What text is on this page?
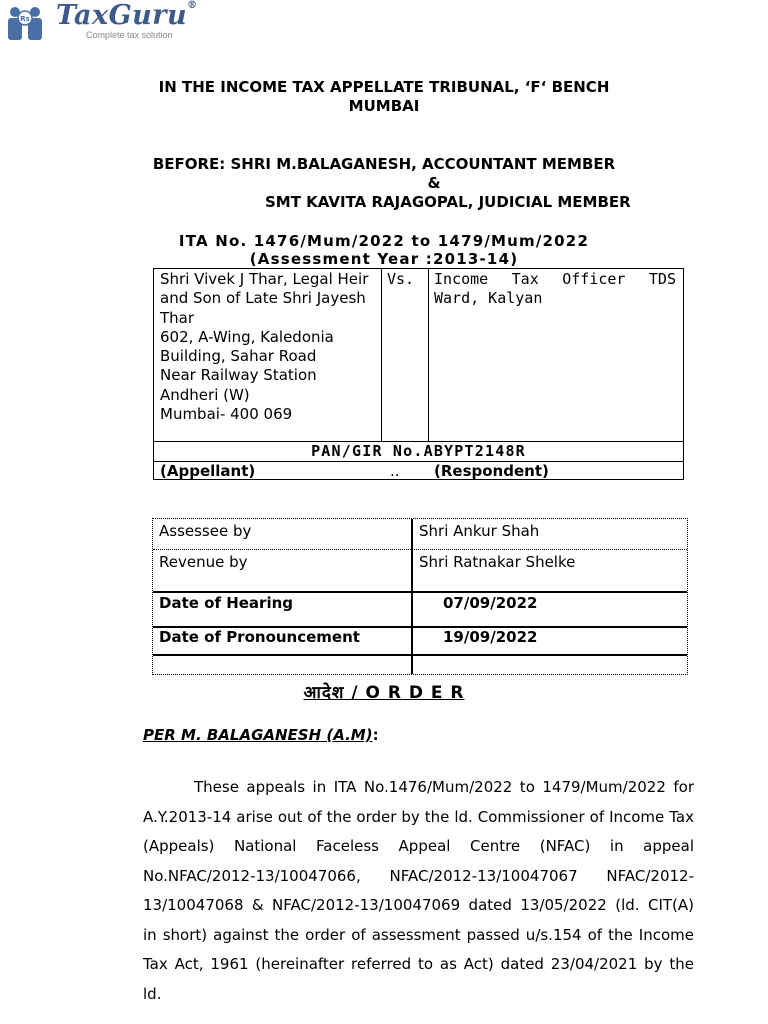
Rs TaxGuru®
Complete tax solution
IN THE INCOME TAX APPELLATE TRIBUNAL, ‘F‘ BENCH
MUMBAI
BEFORE: SHRI M.BALAGANESH, ACCOUNTANT MEMBER
&
SMT KAVITA RAJAGOPAL, JUDICIAL MEMBER
ITA No. 1476/Mum/2022 to 1479/Mum/2022
(Assessment Year :2013-14)
Shri Vivek J Thar, Legal Heir
and Son of Late Shri Jayesh
Thar
602, A-Wing, Kaledonia
Building, Sahar Road
Near Railway Station
Andheri (W)
Mumbai- 400 069
Vs. Income Tax Officer TDS
Ward, Kalyan
PAN/GIR No.ABYPT2148R
(Appellant)	.. (Respondent)
Assessee by	Shri Ankur Shah
Revenue by	Shri Ratnakar Shelke
Date of Hearing	07/09/2022
Date of Pronouncement	19/09/2022
आदेश / O R D E R
PER M. BALAGANESH (A.M):
These appeals in ITA No.1476/Mum/2022 to 1479/Mum/2022 for
A.Y.2013-14 arise out of the order by the ld. Commissioner of Income Tax
(Appeals) National Faceless Appeal Centre (NFAC) in appeal
No.NFAC/2012-13/10047066, NFAC/2012-13/10047067 NFAC/2012-
13/10047068 & NFAC/2012-13/10047069 dated 13/05/2022 (ld. CIT(A)
in short) against the order of assessment passed u/s.154 of the Income
Tax Act, 1961 (hereinafter referred to as Act) dated 23/04/2021 by the ld.
